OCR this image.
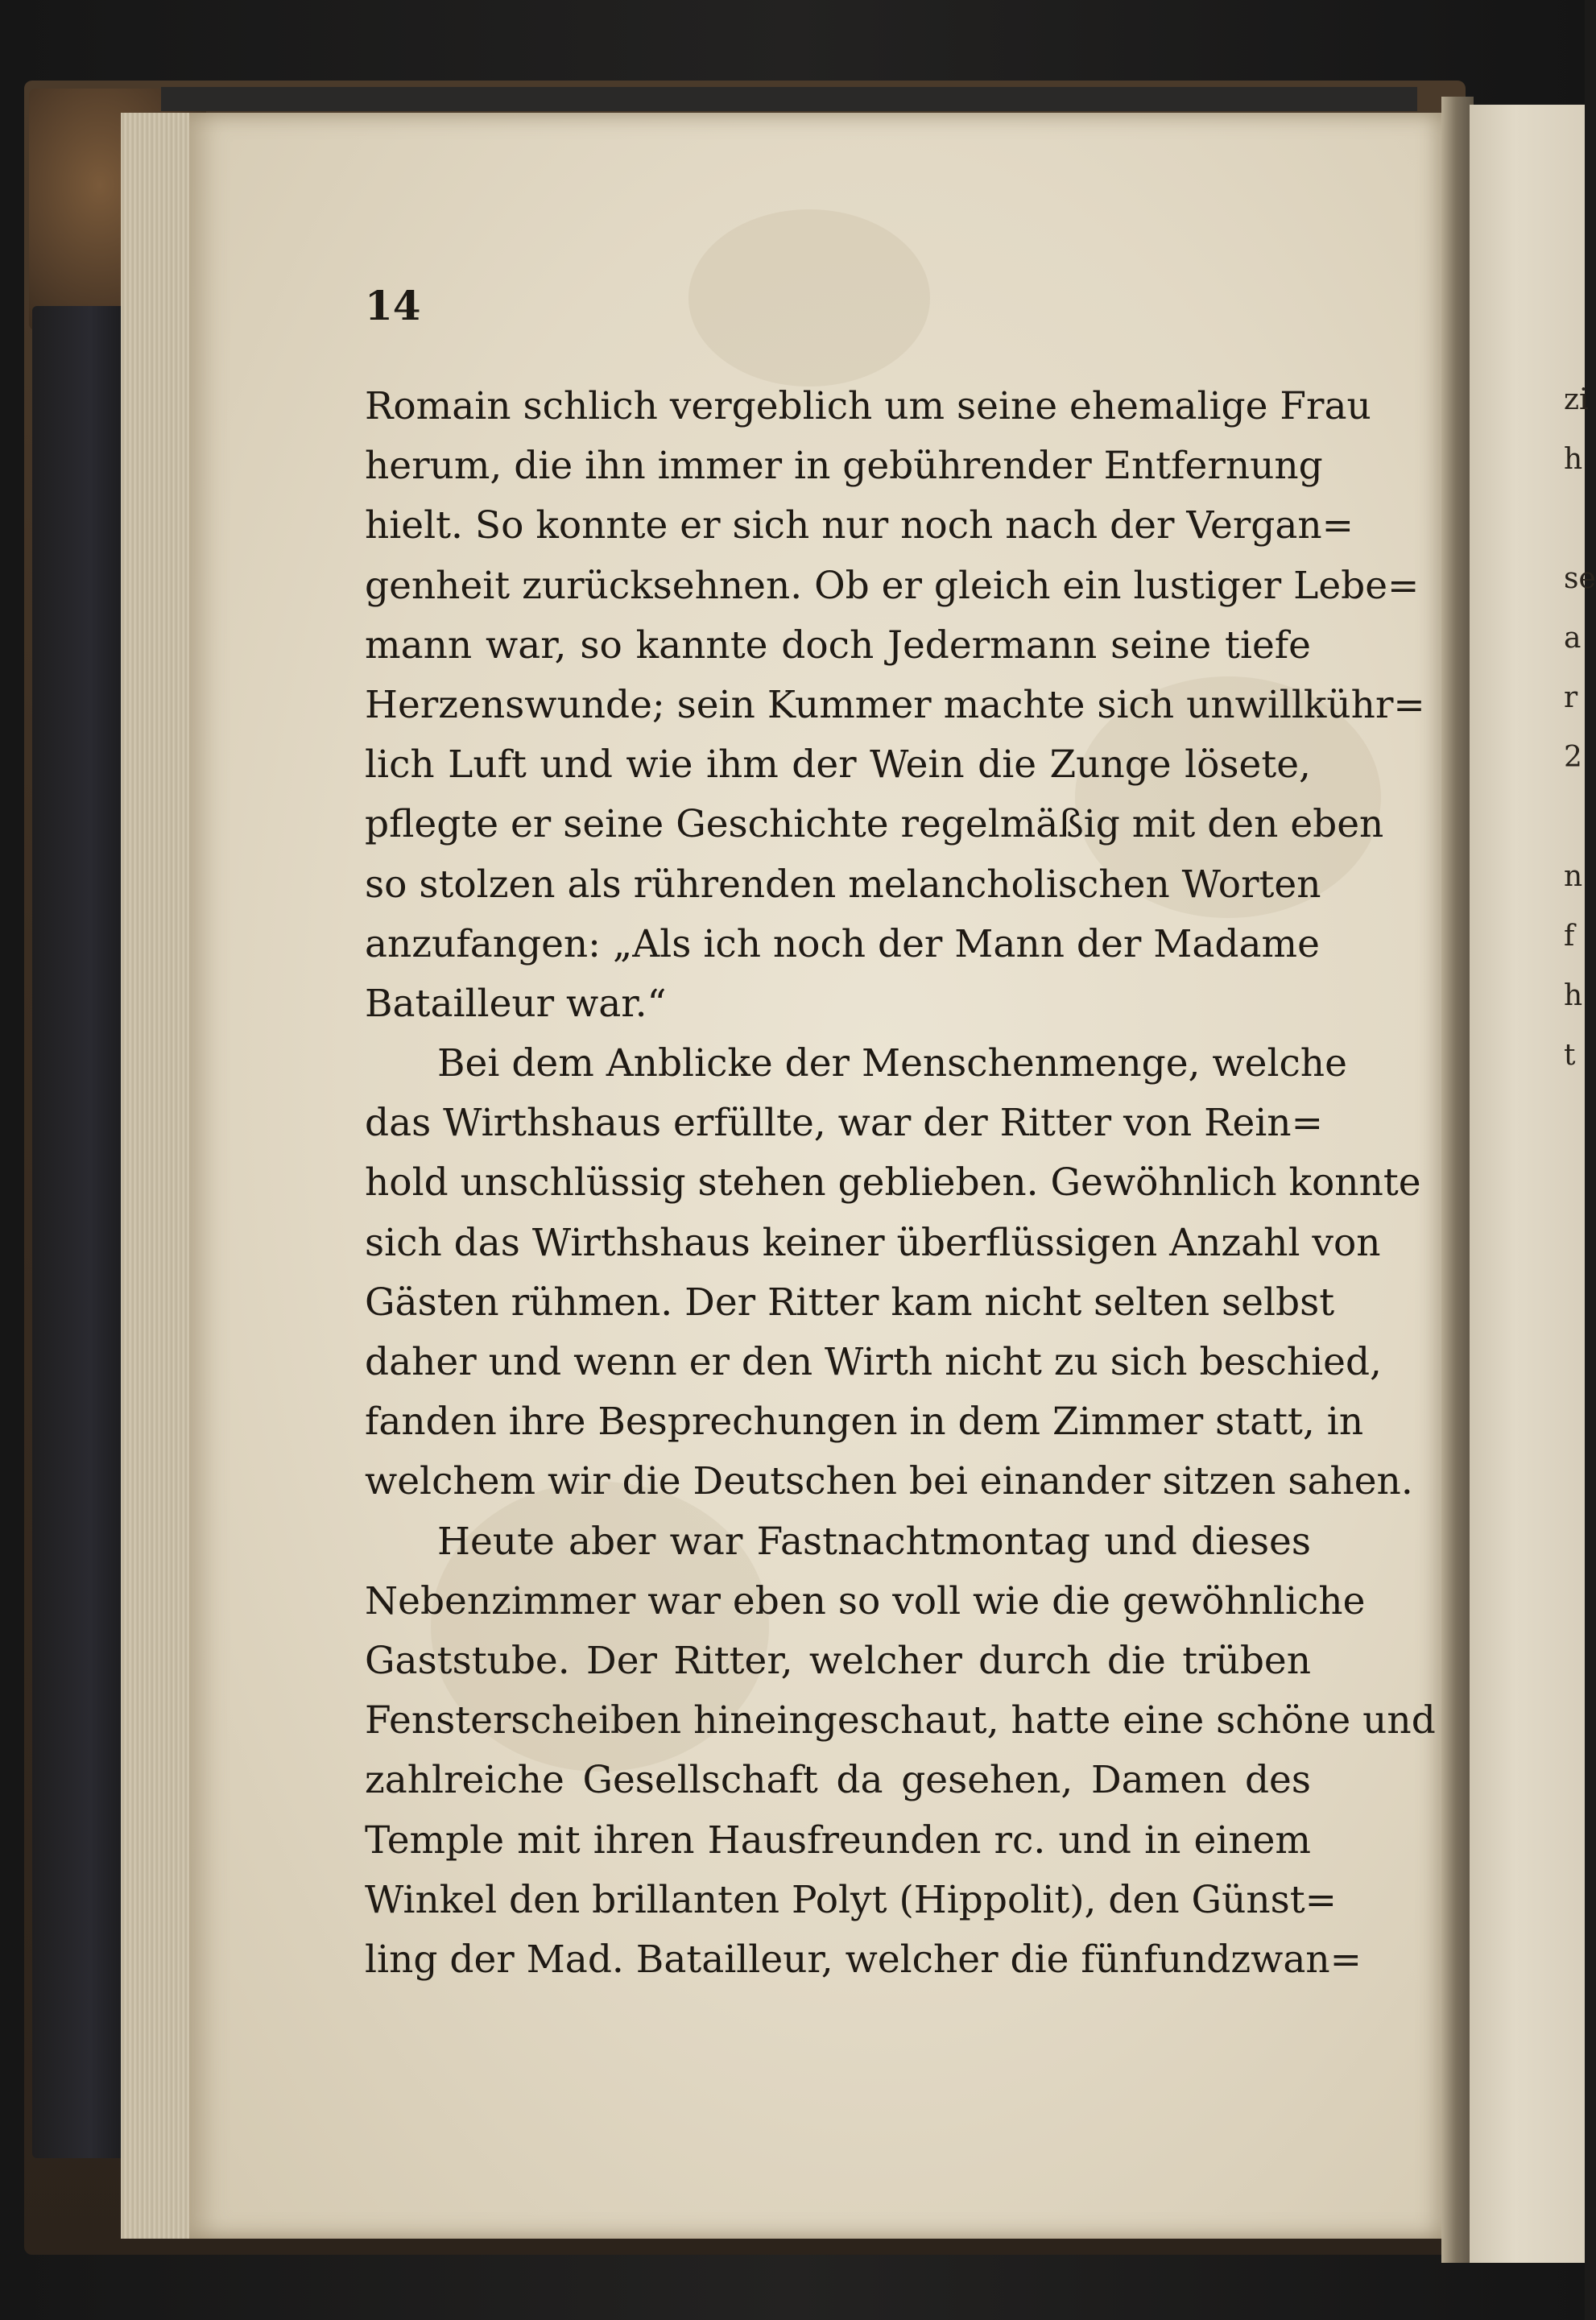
14
Romain schlich vergeblich um seine ehemalige Frau
herum, die ihn immer in gebührender Entfernung
hielt. So konnte er sich nur noch nach der Vergan=
genheit zurücksehnen. Ob er gleich ein lustiger Lebe=
mann war, so kannte doch Jedermann seine tiefe
Herzenswunde; sein Kummer machte sich unwillkühr=
lich Luft und wie ihm der Wein die Zunge lösete,
pflegte er seine Geschichte regelmäßig mit den eben
so stolzen als rührenden melancholischen Worten
anzufangen: „Als ich noch der Mann der Madame
Batailleur war.“
Bei dem Anblicke der Menschenmenge, welche
das Wirthshaus erfüllte, war der Ritter von Rein=
hold unschlüssig stehen geblieben. Gewöhnlich konnte
sich das Wirthshaus keiner überflüssigen Anzahl von
Gästen rühmen. Der Ritter kam nicht selten selbst
daher und wenn er den Wirth nicht zu sich beschied,
fanden ihre Besprechungen in dem Zimmer statt, in
welchem wir die Deutschen bei einander sitzen sahen.
Heute aber war Fastnachtmontag und dieses
Nebenzimmer war eben so voll wie die gewöhnliche
Gaststube. Der Ritter, welcher durch die trüben
Fensterscheiben hineingeschaut, hatte eine schöne und
zahlreiche Gesellschaft da gesehen, Damen des
Temple mit ihren Hausfreunden rc. und in einem
Winkel den brillanten Polyt (Hippolit), den Günst=
ling der Mad. Batailleur, welcher die fünfundzwan=
zi
h
se
a
r
2
n
f
h
t
